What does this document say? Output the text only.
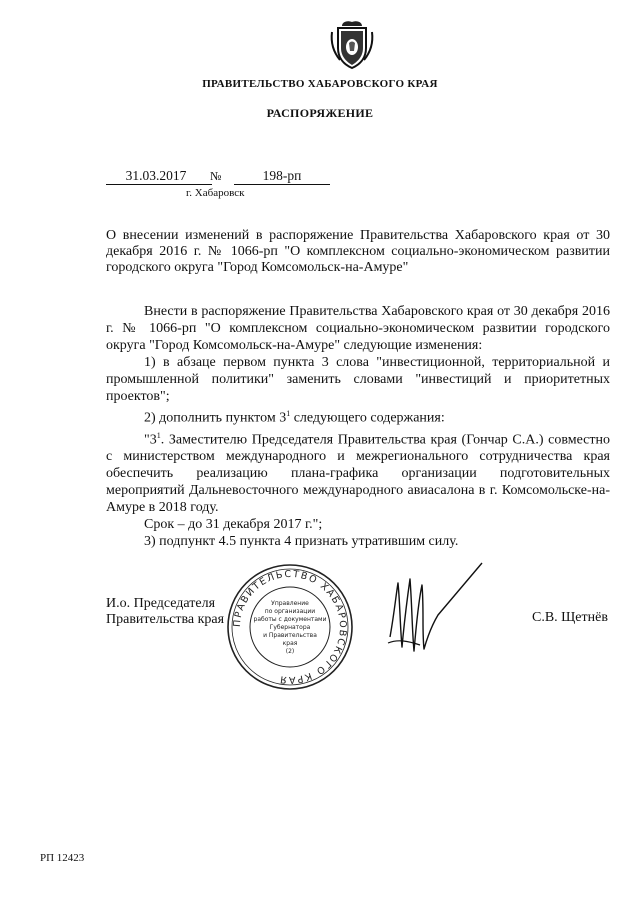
ПРАВИТЕЛЬСТВО ХАБАРОВСКОГО КРАЯ
РАСПОРЯЖЕНИЕ
31.03.2017	№	198-рп
г. Хабаровск
О внесении изменений в распоряжение Правительства Хабаровского края от 30 декабря 2016 г. № 1066-рп "О комплексном социально-экономическом развитии городского округа "Город Комсомольск-на-Амуре"

Внести в распоряжение Правительства Хабаровского края от 30 декабря 2016 г. № 1066-рп "О комплексном социально-экономическом развитии городского округа "Город Комсомольск-на-Амуре" следующие изменения:

1) в абзаце первом пункта 3 слова "инвестиционной, территориальной и промышленной политики" заменить словами "инвестиций и приоритетных проектов";

2) дополнить пунктом $3^1$ следующего содержания:

"$3^1$. Заместителю Председателя Правительства края (Гончар С.А.) совместно с министерством международного и межрегионального сотрудничества края обеспечить реализацию плана-графика организации подготовительных мероприятий Дальневосточного международного авиасалона в г. Комсомольске-на-Амуре в 2018 году.

Срок – до 31 декабря 2017 г.";

3) подпункт 4.5 пункта 4 признать утратившим силу.

ПРАВИТЕЛЬСТВО ХАБАРОВСКОГО КРАЯ
Управление
по организации
работы с документами
Губернатора
и Правительства
края
(2)
И.о. Председателя
Правительства края	С.В. Щетнёв
РП 12423
